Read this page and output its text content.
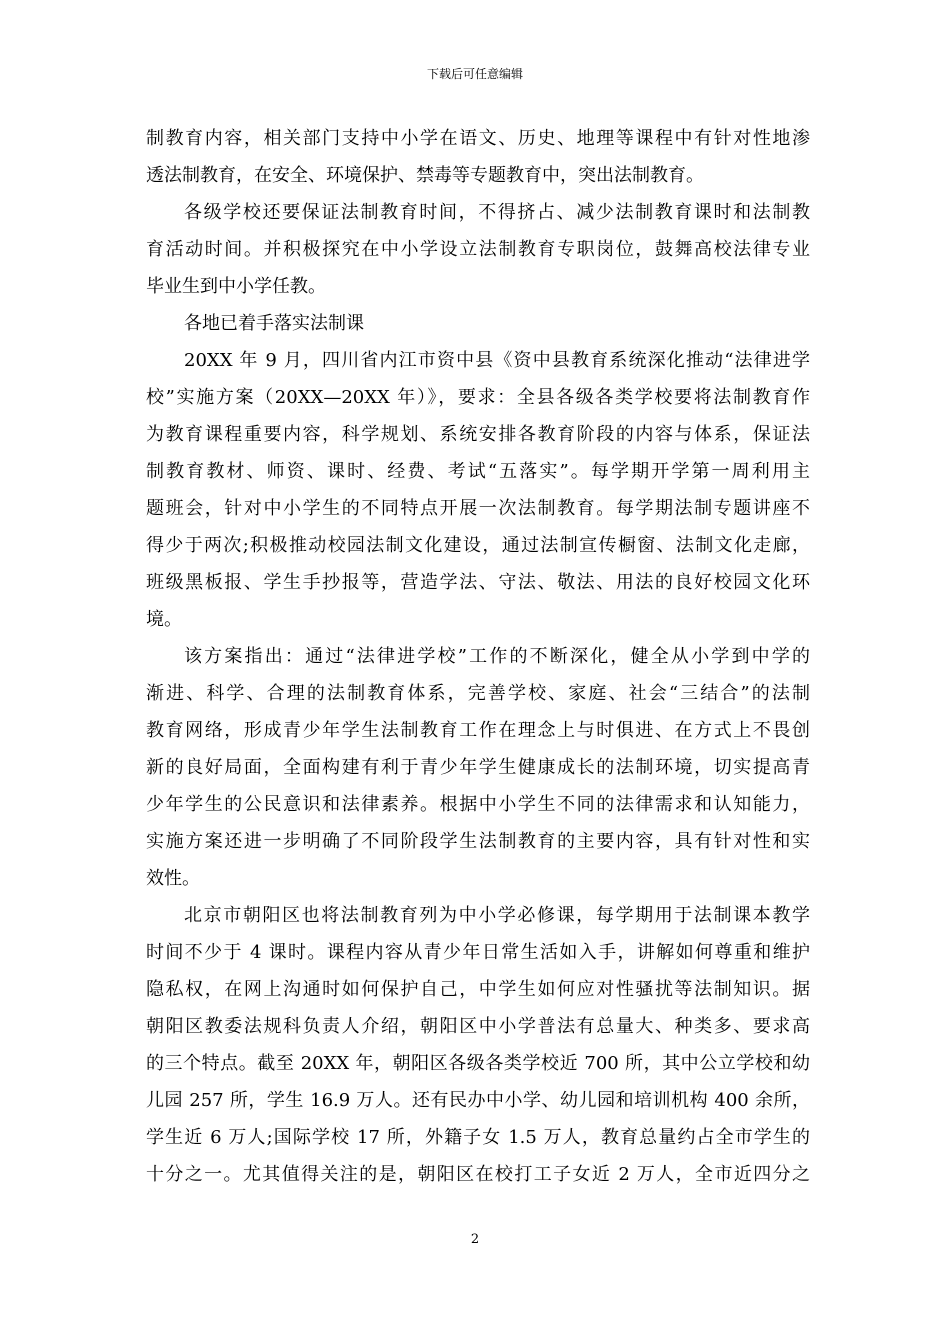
下载后可任意编辑
制教育内容，相关部门支持中小学在语文、历史、地理等课程中有针对性地渗
透法制教育，在安全、环境保护、禁毒等专题教育中，突出法制教育。
各级学校还要保证法制教育时间，不得挤占、减少法制教育课时和法制教
育活动时间。并积极探究在中小学设立法制教育专职岗位，鼓舞高校法律专业
毕业生到中小学任教。
各地已着手落实法制课
20XX 年 9 月，四川省内江市资中县《资中县教育系统深化推动“法律进学
校”实施方案（20XX—20XX 年）》，要求：全县各级各类学校要将法制教育作
为教育课程重要内容，科学规划、系统安排各教育阶段的内容与体系，保证法
制教育教材、师资、课时、经费、考试“五落实”。每学期开学第一周利用主
题班会，针对中小学生的不同特点开展一次法制教育。每学期法制专题讲座不
得少于两次;积极推动校园法制文化建设，通过法制宣传橱窗、法制文化走廊，
班级黑板报、学生手抄报等，营造学法、守法、敬法、用法的良好校园文化环
境。
该方案指出：通过“法律进学校”工作的不断深化，健全从小学到中学的
渐进、科学、合理的法制教育体系，完善学校、家庭、社会“三结合”的法制
教育网络，形成青少年学生法制教育工作在理念上与时俱进、在方式上不畏创
新的良好局面，全面构建有利于青少年学生健康成长的法制环境，切实提高青
少年学生的公民意识和法律素养。根据中小学生不同的法律需求和认知能力，
实施方案还进一步明确了不同阶段学生法制教育的主要内容，具有针对性和实
效性。
北京市朝阳区也将法制教育列为中小学必修课，每学期用于法制课本教学
时间不少于 4 课时。课程内容从青少年日常生活如入手，讲解如何尊重和维护
隐私权，在网上沟通时如何保护自己，中学生如何应对性骚扰等法制知识。据
朝阳区教委法规科负责人介绍，朝阳区中小学普法有总量大、种类多、要求高
的三个特点。截至 20XX 年，朝阳区各级各类学校近 700 所，其中公立学校和幼
儿园 257 所，学生 16.9 万人。还有民办中小学、幼儿园和培训机构 400 余所，
学生近 6 万人;国际学校 17 所，外籍子女 1.5 万人，教育总量约占全市学生的
十分之一。尤其值得关注的是，朝阳区在校打工子女近 2 万人，全市近四分之
2
